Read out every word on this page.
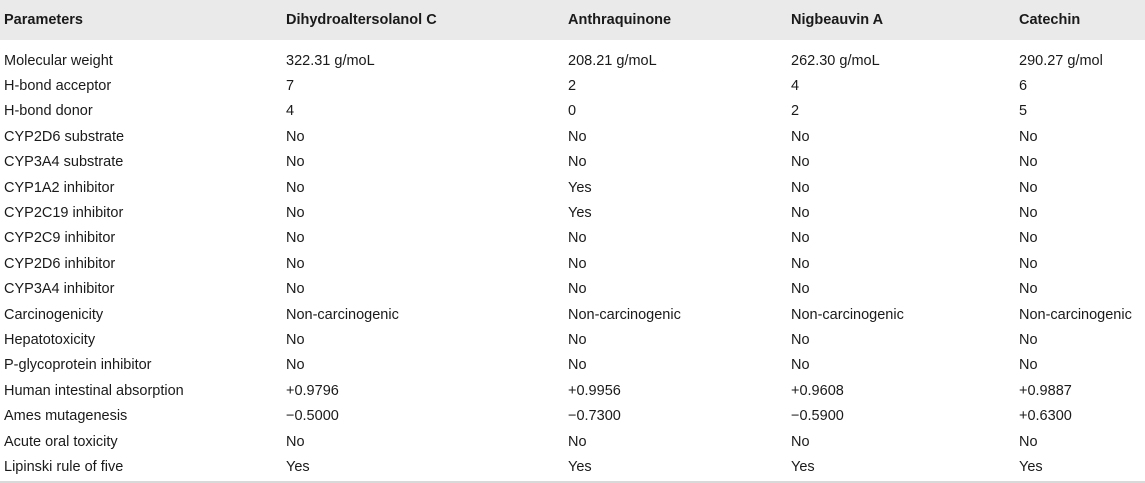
Parameters	Dihydroaltersolanol C	Anthraquinone	Nigbeauvin A	Catechin

Molecular weight	322.31 g/moL	208.21 g/moL	262.30 g/moL	290.27 g/mol
H-bond acceptor	7	2	4	6
H-bond donor	4	0	2	5
CYP2D6 substrate	No	No	No	No
CYP3A4 substrate	No	No	No	No
CYP1A2 inhibitor	No	Yes	No	No
CYP2C19 inhibitor	No	Yes	No	No
CYP2C9 inhibitor	No	No	No	No
CYP2D6 inhibitor	No	No	No	No
CYP3A4 inhibitor	No	No	No	No
Carcinogenicity	Non-carcinogenic	Non-carcinogenic	Non-carcinogenic	Non-carcinogenic
Hepatotoxicity	No	No	No	No
P-glycoprotein inhibitor	No	No	No	No
Human intestinal absorption	+0.9796	+0.9956	+0.9608	+0.9887
Ames mutagenesis	−0.5000	−0.7300	−0.5900	+0.6300
Acute oral toxicity	No	No	No	No
Lipinski rule of five	Yes	Yes	Yes	Yes
